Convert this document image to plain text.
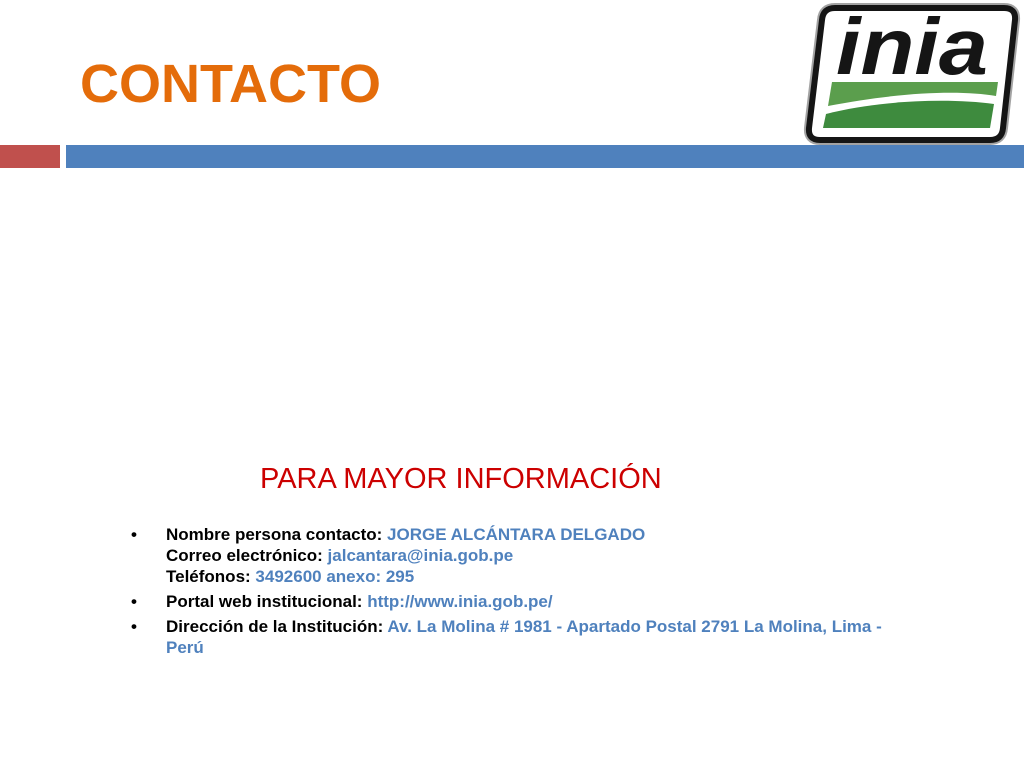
CONTACTO	inia
PARA MAYOR INFORMACIÓN
•
Nombre persona contacto: JORGE ALCÁNTARA DELGADO
Correo electrónico: jalcantara@inia.gob.pe
Teléfonos: 3492600 anexo: 295
•
Portal web institucional: http://www.inia.gob.pe/
•
Dirección de la Institución: Av. La Molina # 1981 - Apartado Postal 2791 La Molina, Lima - Perú
